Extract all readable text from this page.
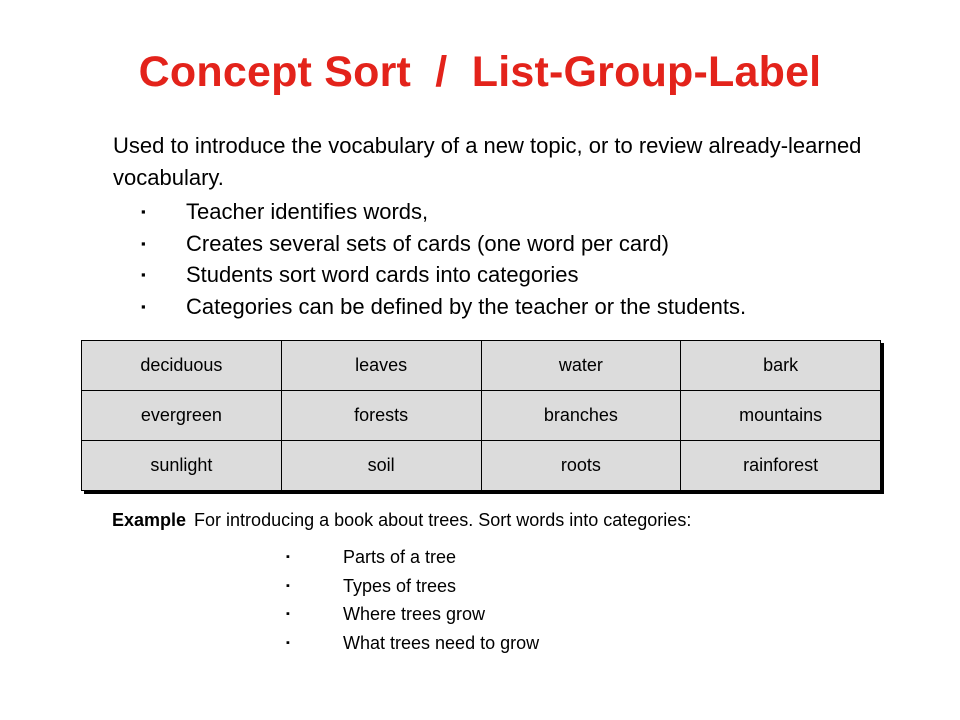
Concept Sort  /  List-Group-Label
Used to introduce the vocabulary of a new topic, or to review already-learned vocabulary.
▪ Teacher identifies words,
▪ Creates several sets of cards (one word per card)
▪ Students sort word cards into categories
▪ Categories can be defined by the teacher or the students.
deciduous	leaves	water	bark
evergreen	forests	branches	mountains
sunlight	soil	roots	rainforest
Example For introducing a book about trees. Sort words into categories:
▪	Parts of a tree
▪	Types of trees
▪	Where trees grow
▪	What trees need to grow
